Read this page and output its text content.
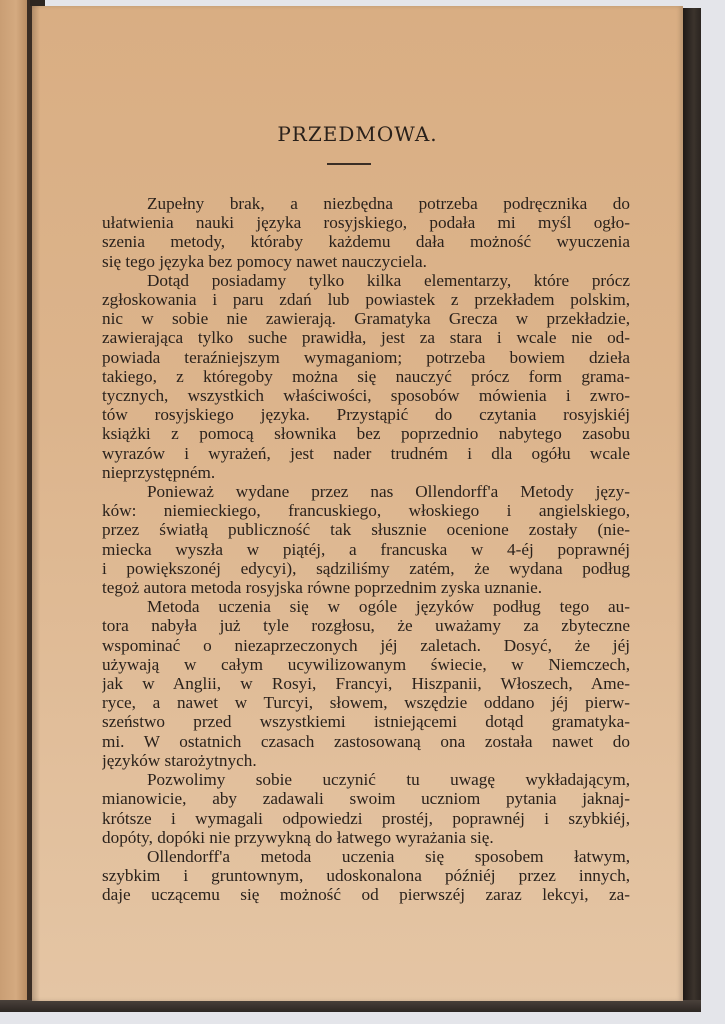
PRZEDMOWA.
Zupełny brak, a niezbędna potrzeba podręcznika do
ułatwienia nauki języka rosyjskiego, podała mi myśl ogło-
szenia metody, któraby każdemu dała możność wyuczenia
się tego języka bez pomocy nawet nauczyciela.
Dotąd posiadamy tylko kilka elementarzy, które prócz
zgłoskowania i paru zdań lub powiastek z przekładem polskim,
nic w sobie nie zawierają. Gramatyka Grecza w przekładzie,
zawierająca tylko suche prawidła, jest za stara i wcale nie od-
powiada teraźniejszym wymaganiom; potrzeba bowiem dzieła
takiego, z któregoby można się nauczyć prócz form grama-
tycznych, wszystkich właściwości, sposobów mówienia i zwro-
tów rosyjskiego języka. Przystąpić do czytania rosyjskiéj
książki z pomocą słownika bez poprzednio nabytego zasobu
wyrazów i wyrażeń, jest nader trudném i dla ogółu wcale
nieprzystępném.
Ponieważ wydane przez nas Ollendorff'a Metody języ-
ków: niemieckiego, francuskiego, włoskiego i angielskiego,
przez światłą publiczność tak słusznie ocenione zostały (nie-
miecka wyszła w piątéj, a francuska w 4-éj poprawnéj
i powiększonéj edycyi), sądziliśmy zatém, że wydana podług
tegoż autora metoda rosyjska równe poprzednim zyska uznanie.
Metoda uczenia się w ogóle języków podług tego au-
tora nabyła już tyle rozgłosu, że uważamy za zbyteczne
wspominać o niezaprzeczonych jéj zaletach. Dosyć, że jéj
używają w całym ucywilizowanym świecie, w Niemczech,
jak w Anglii, w Rosyi, Francyi, Hiszpanii, Włoszech, Ame-
ryce, a nawet w Turcyi, słowem, wszędzie oddano jéj pierw-
szeństwo przed wszystkiemi istniejącemi dotąd gramatyka-
mi. W ostatnich czasach zastosowaną ona została nawet do
języków starożytnych.
Pozwolimy sobie uczynić tu uwagę wykładającym,
mianowicie, aby zadawali swoim uczniom pytania jaknaj-
krótsze i wymagali odpowiedzi prostéj, poprawnéj i szybkiéj,
dopóty, dopóki nie przywykną do łatwego wyrażania się.
Ollendorff'a metoda uczenia się sposobem łatwym,
szybkim i gruntownym, udoskonalona późniéj przez innych,
daje uczącemu się możność od pierwszéj zaraz lekcyi, za-
